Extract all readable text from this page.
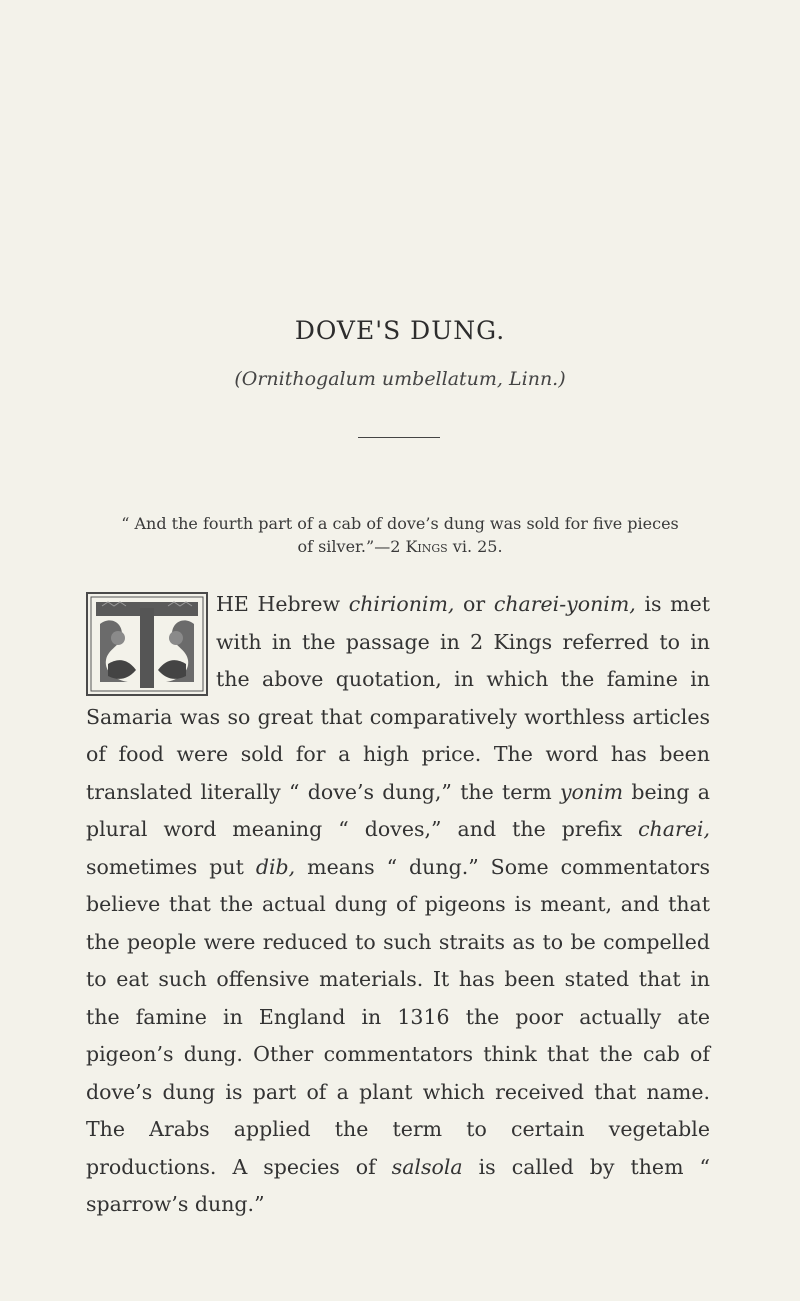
DOVE'S DUNG.
(Ornithogalum umbellatum, Linn.)
“ And the fourth part of a cab of dove’s dung was sold for five pieces of silver.”—2 Kings vi. 25.
HE Hebrew chirionim, or charei-yonim, is met with in the passage in 2 Kings referred to in the above quotation, in which the famine in Samaria was so great that comparatively worthless articles of food were sold for a high price. The word has been translated literally “ dove’s dung,” the term yonim being a plural word meaning “ doves,” and the prefix charei, sometimes put dib, means “ dung.” Some commentators believe that the actual dung of pigeons is meant, and that the people were reduced to such straits as to be compelled to eat such offensive materials. It has been stated that in the famine in England in 1316 the poor actually ate pigeon’s dung. Other commentators think that the cab of dove’s dung is part of a plant which received that name. The Arabs applied the term to certain vegetable productions. A species of salsola is called by them “ sparrow’s dung.”
